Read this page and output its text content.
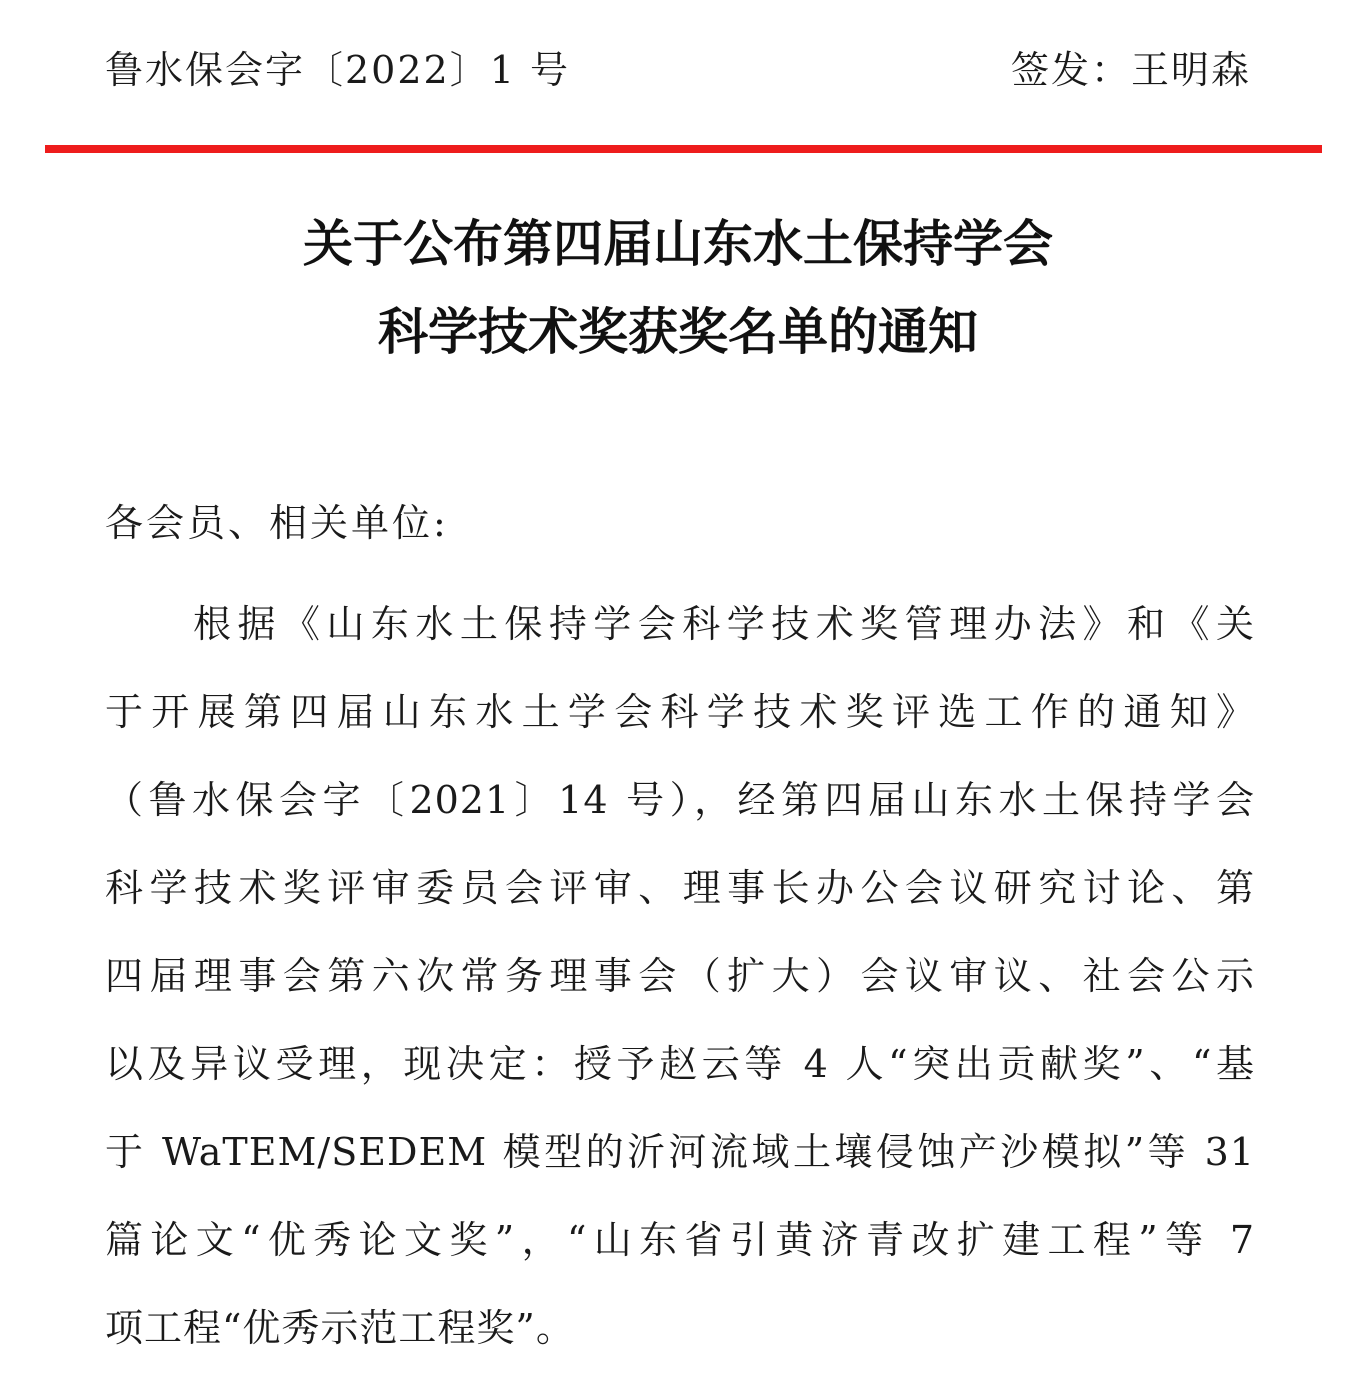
鲁水保会字〔2022〕1 号	签发：王明森
关于公布第四届山东水土保持学会
科学技术奖获奖名单的通知
各会员、相关单位:
根据《山东水土保持学会科学技术奖管理办法》和《关
于开展第四届山东水土学会科学技术奖评选工作的通知》
（鲁水保会字〔2021〕14 号），经第四届山东水土保持学会
科学技术奖评审委员会评审、理事长办公会议研究讨论、第
四届理事会第六次常务理事会（扩大）会议审议、社会公示
以及异议受理，现决定：授予赵云等 4 人“突出贡献奖”、“基
于 WaTEM/SEDEM 模型的沂河流域土壤侵蚀产沙模拟”等 31
篇论文“优秀论文奖”，“山东省引黄济青改扩建工程”等 7
项工程“优秀示范工程奖”。
